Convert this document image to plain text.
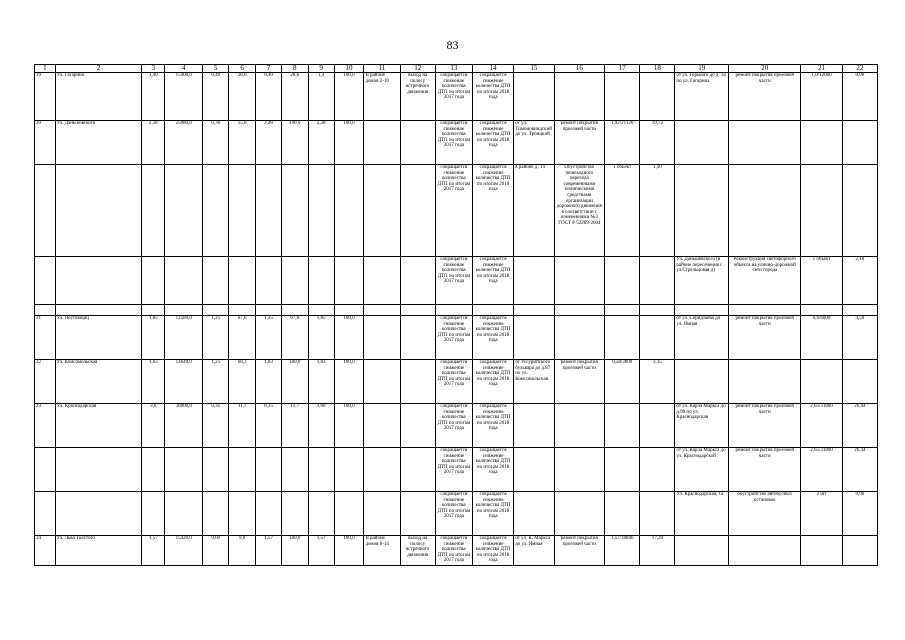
83
1	2	3	4	5	6	7	8	9	10	11	12	13	14	15	16	17	18	19	20	21	22
19	Ул. Гагарина	1,40	15400,0	0,40	28,6	0,40	28,6	1,4	100,0	В районе домов 2-10	выход на полосу встречного движения	сокращается снижение количества ДТП по итогам 2017 года	сокращается снижение количества ДТП по итогам 2018 года					от ул. Горького до д. 3а по ул. Гагарина	ремонт покрытия проезжей части	1,0/12000	0,98
20	Ул. Даньшовского	2,28	25080,0	0,36	15,8	2,28	100,0	2,28	100,0			сокращается снижение количества ДТП по итогам 2017 года	сокращается снижение количества ДТП по итогам 2018 года	от ул. Тимоновиндский до ул. Троицкий	ремонт покрытия проезжей части	1,92/21120	19,72				
												сокращается снижение количества ДТП по итогам 2017 года	сокращается снижение количества ДТП по итогам 2018 года	в районе д. 14	Обустройство пешеходного перехода современными техническими средствами организации дорожного движения в соответствии с изменениями №3 ГОСТ Р 52289-2004	1 объект	1,30				
												сокращается снижение количества ДТП по итогам 2017 года	сокращается снижение количества ДТП по итогам 2018 года					Ул. Даньшовского (в районе пересечения с ул.Стрельцовая д)	Реконструкция светофорного объекта на улично-дорожной сети города	1 объект	2,10

21	Ул. Пестовщиц	1,85	12589,0	1,25	67,6	1,25	67,6	1,85	100,0			сокращается снижение количества ДТП по итогам 2017 года	сокращается снижение количества ДТП по итогам 2018 года					от ул. Серидзаева до ул. Ямная	ремонт покрытия проезжей части	0,6/6000	4,59
22	Ул. Комсомольская	1,83	14640,0	1,25	68,3	1,83	100,0	1,83	100,0			сокращается снижение количества ДТП по итогам 2017 года	сокращается снижение количества ДТП по итогам 2018 года	от Уссурийского бульвара до д.87 по ул. Комсомольская	ремонт покрытия проезжей части	0,58/3800	3,35				
23	Ул. Краснодарская	3,0	36000,0	0,35	11,7	0,35	11,7	3,00	100,0			сокращается снижение количества ДТП по итогам 2017 года	сокращается снижение количества ДТП по итогам 2018 года					от ул. Карла Маркса до д.90 по ул. Краснодарская	ремонт покрытия проезжей части	2,65/31800	26,44
												сокращается снижение количества ДТП по итогам 2017 года	сокращается снижение количества ДТП по итогам 2018 года					от ул. Карла Маркса до ул. Краснодарской	ремонт покрытия проезжей части	2,65/31800	26,44
												сокращается снижение количества ДТП по итогам 2017 года	сокращается снижение количества ДТП по итогам 2018 года					Ул. Краснодарская, 1а	обустройство автобусных остановок	2 шт	9,90
24	Ул. Льва Толстого	1,57	15420,0	9,00	9,0	1,57	100,0	1,57	100,0	В районе домов 8-14	выход на полосу встречного движения	сокращается снижение количества ДТП по итогам 2017 года	сокращается снижение количества ДТП по итогам 2018 года	от ул. К. Маркса до ул. Ямная	ремонт покрытия проезжей части	1,57/18840	17,29				
